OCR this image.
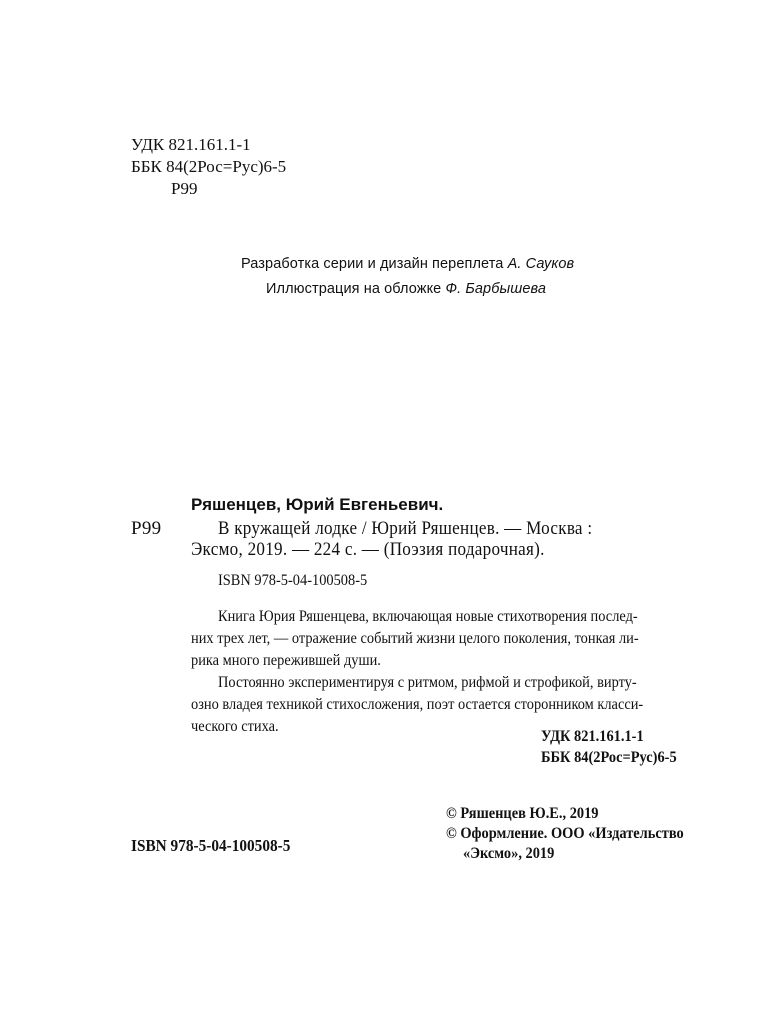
УДК 821.161.1-1
ББК 84(2Рос=Рус)6-5
Р99
Разработка серии и дизайн переплета А. Сауков
Иллюстрация на обложке Ф. Барбышева
Ряшенцев, Юрий Евгеньевич.
Р99	В кружащей лодке / Юрий Ряшенцев. — Москва :
Эксмо, 2019. — 224 с. — (Поэзия подарочная).
ISBN 978-5-04-100508-5
Книга Юрия Ряшенцева, включающая новые стихотворения послед-
них трех лет, — отражение событий жизни целого поколения, тонкая ли-
рика много пережившей души.
Постоянно экспериментируя с ритмом, рифмой и строфикой, вирту-
озно владея техникой стихосложения, поэт остается сторонником класси-
ческого стиха.
УДК 821.161.1-1
ББК 84(2Рос=Рус)6-5
© Ряшенцев Ю.Е., 2019
© Оформление. ООО «Издательство
«Эксмо», 2019
ISBN 978-5-04-100508-5
